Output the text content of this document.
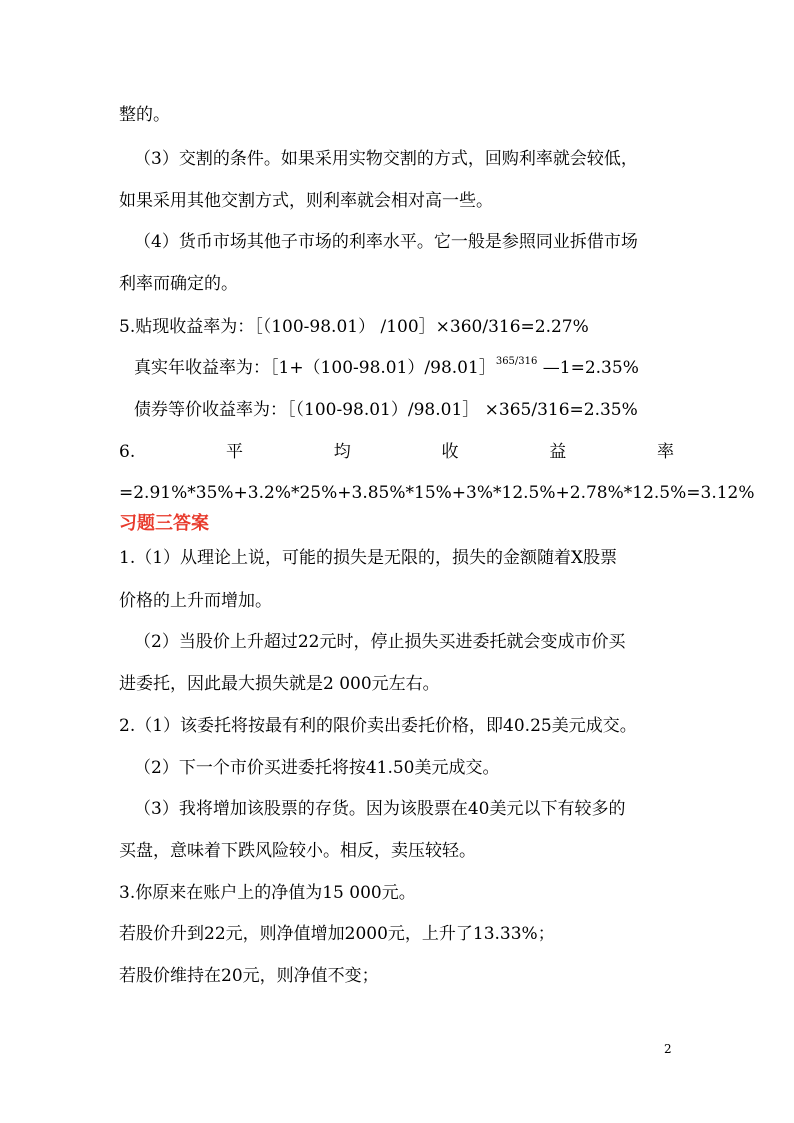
整的。
（3）交割的条件。如果采用实物交割的方式，回购利率就会较低，
如果采用其他交割方式，则利率就会相对高一些。
（4）货币市场其他子市场的利率水平。它一般是参照同业拆借市场
利率而确定的。
5.贴现收益率为：［（100-98.01） /100］×360/316=2.27%
真实年收益率为：［1+（100-98.01）/98.01］$^{365/316}$ —1=2.35%
债券等价收益率为：［（100-98.01）/98.01］ ×365/316=2.35%
6.	平	均	收	益	率
=2.91%*35%+3.2%*25%+3.85%*15%+3%*12.5%+2.78%*12.5%=3.12%
习题三答案
1.（1）从理论上说，可能的损失是无限的，损失的金额随着X股票
价格的上升而增加。
（2）当股价上升超过22元时，停止损失买进委托就会变成市价买
进委托，因此最大损失就是2 000元左右。
2.（1）该委托将按最有利的限价卖出委托价格，即40.25美元成交。
（2）下一个市价买进委托将按41.50美元成交。
（3）我将增加该股票的存货。因为该股票在40美元以下有较多的
买盘，意味着下跌风险较小。相反，卖压较轻。
3.你原来在账户上的净值为15 000元。
若股价升到22元，则净值增加2000元，上升了13.33%；
若股价维持在20元，则净值不变；
2
